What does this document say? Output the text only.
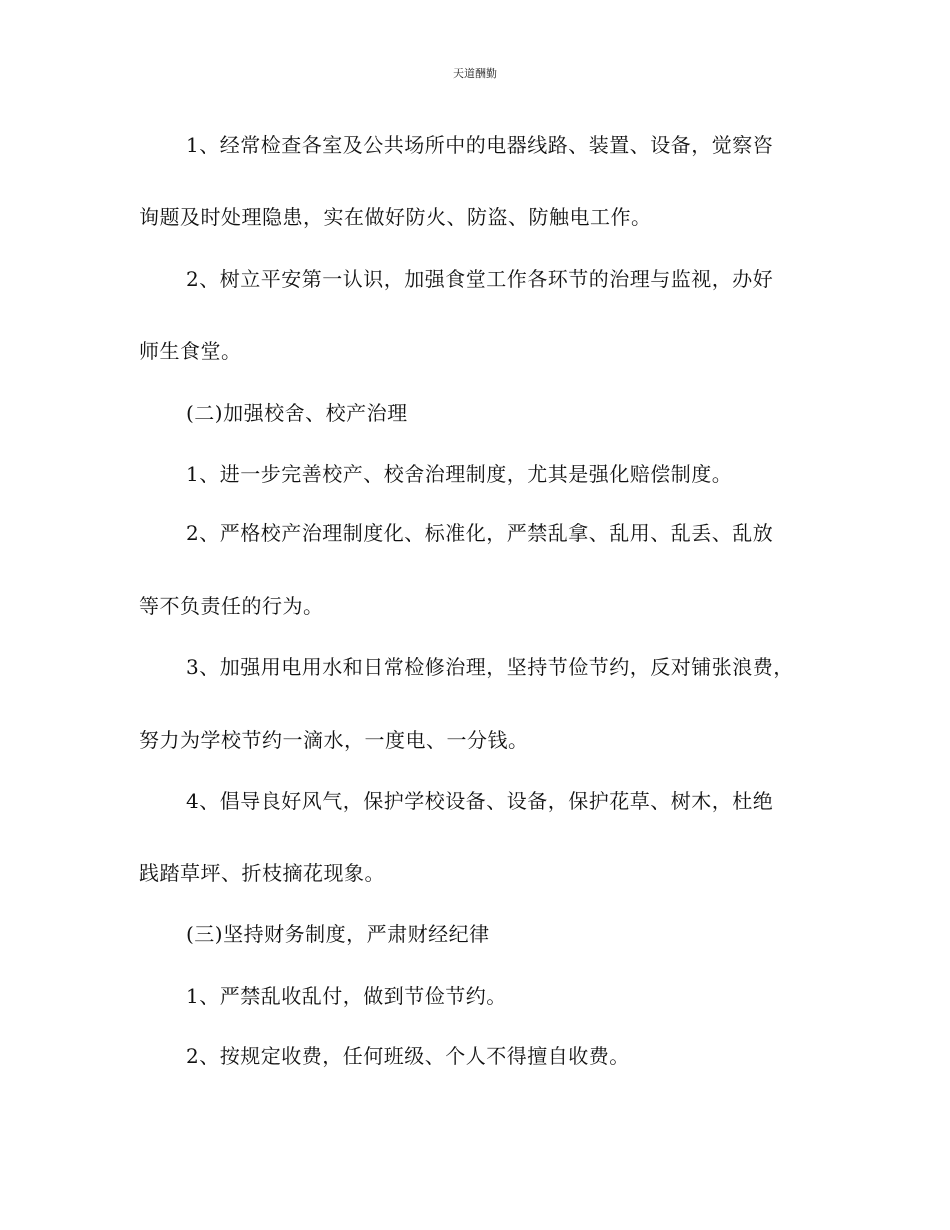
天道酬勤
1、经常检查各室及公共场所中的电器线路、装置、设备，觉察咨
询题及时处理隐患，实在做好防火、防盗、防触电工作。
2、树立平安第一认识，加强食堂工作各环节的治理与监视，办好
师生食堂。
(二)加强校舍、校产治理
1、进一步完善校产、校舍治理制度，尤其是强化赔偿制度。
2、严格校产治理制度化、标准化，严禁乱拿、乱用、乱丢、乱放
等不负责任的行为。
3、加强用电用水和日常检修治理，坚持节俭节约，反对铺张浪费，
努力为学校节约一滴水，一度电、一分钱。
4、倡导良好风气，保护学校设备、设备，保护花草、树木，杜绝
践踏草坪、折枝摘花现象。
(三)坚持财务制度，严肃财经纪律
1、严禁乱收乱付，做到节俭节约。
2、按规定收费，任何班级、个人不得擅自收费。
